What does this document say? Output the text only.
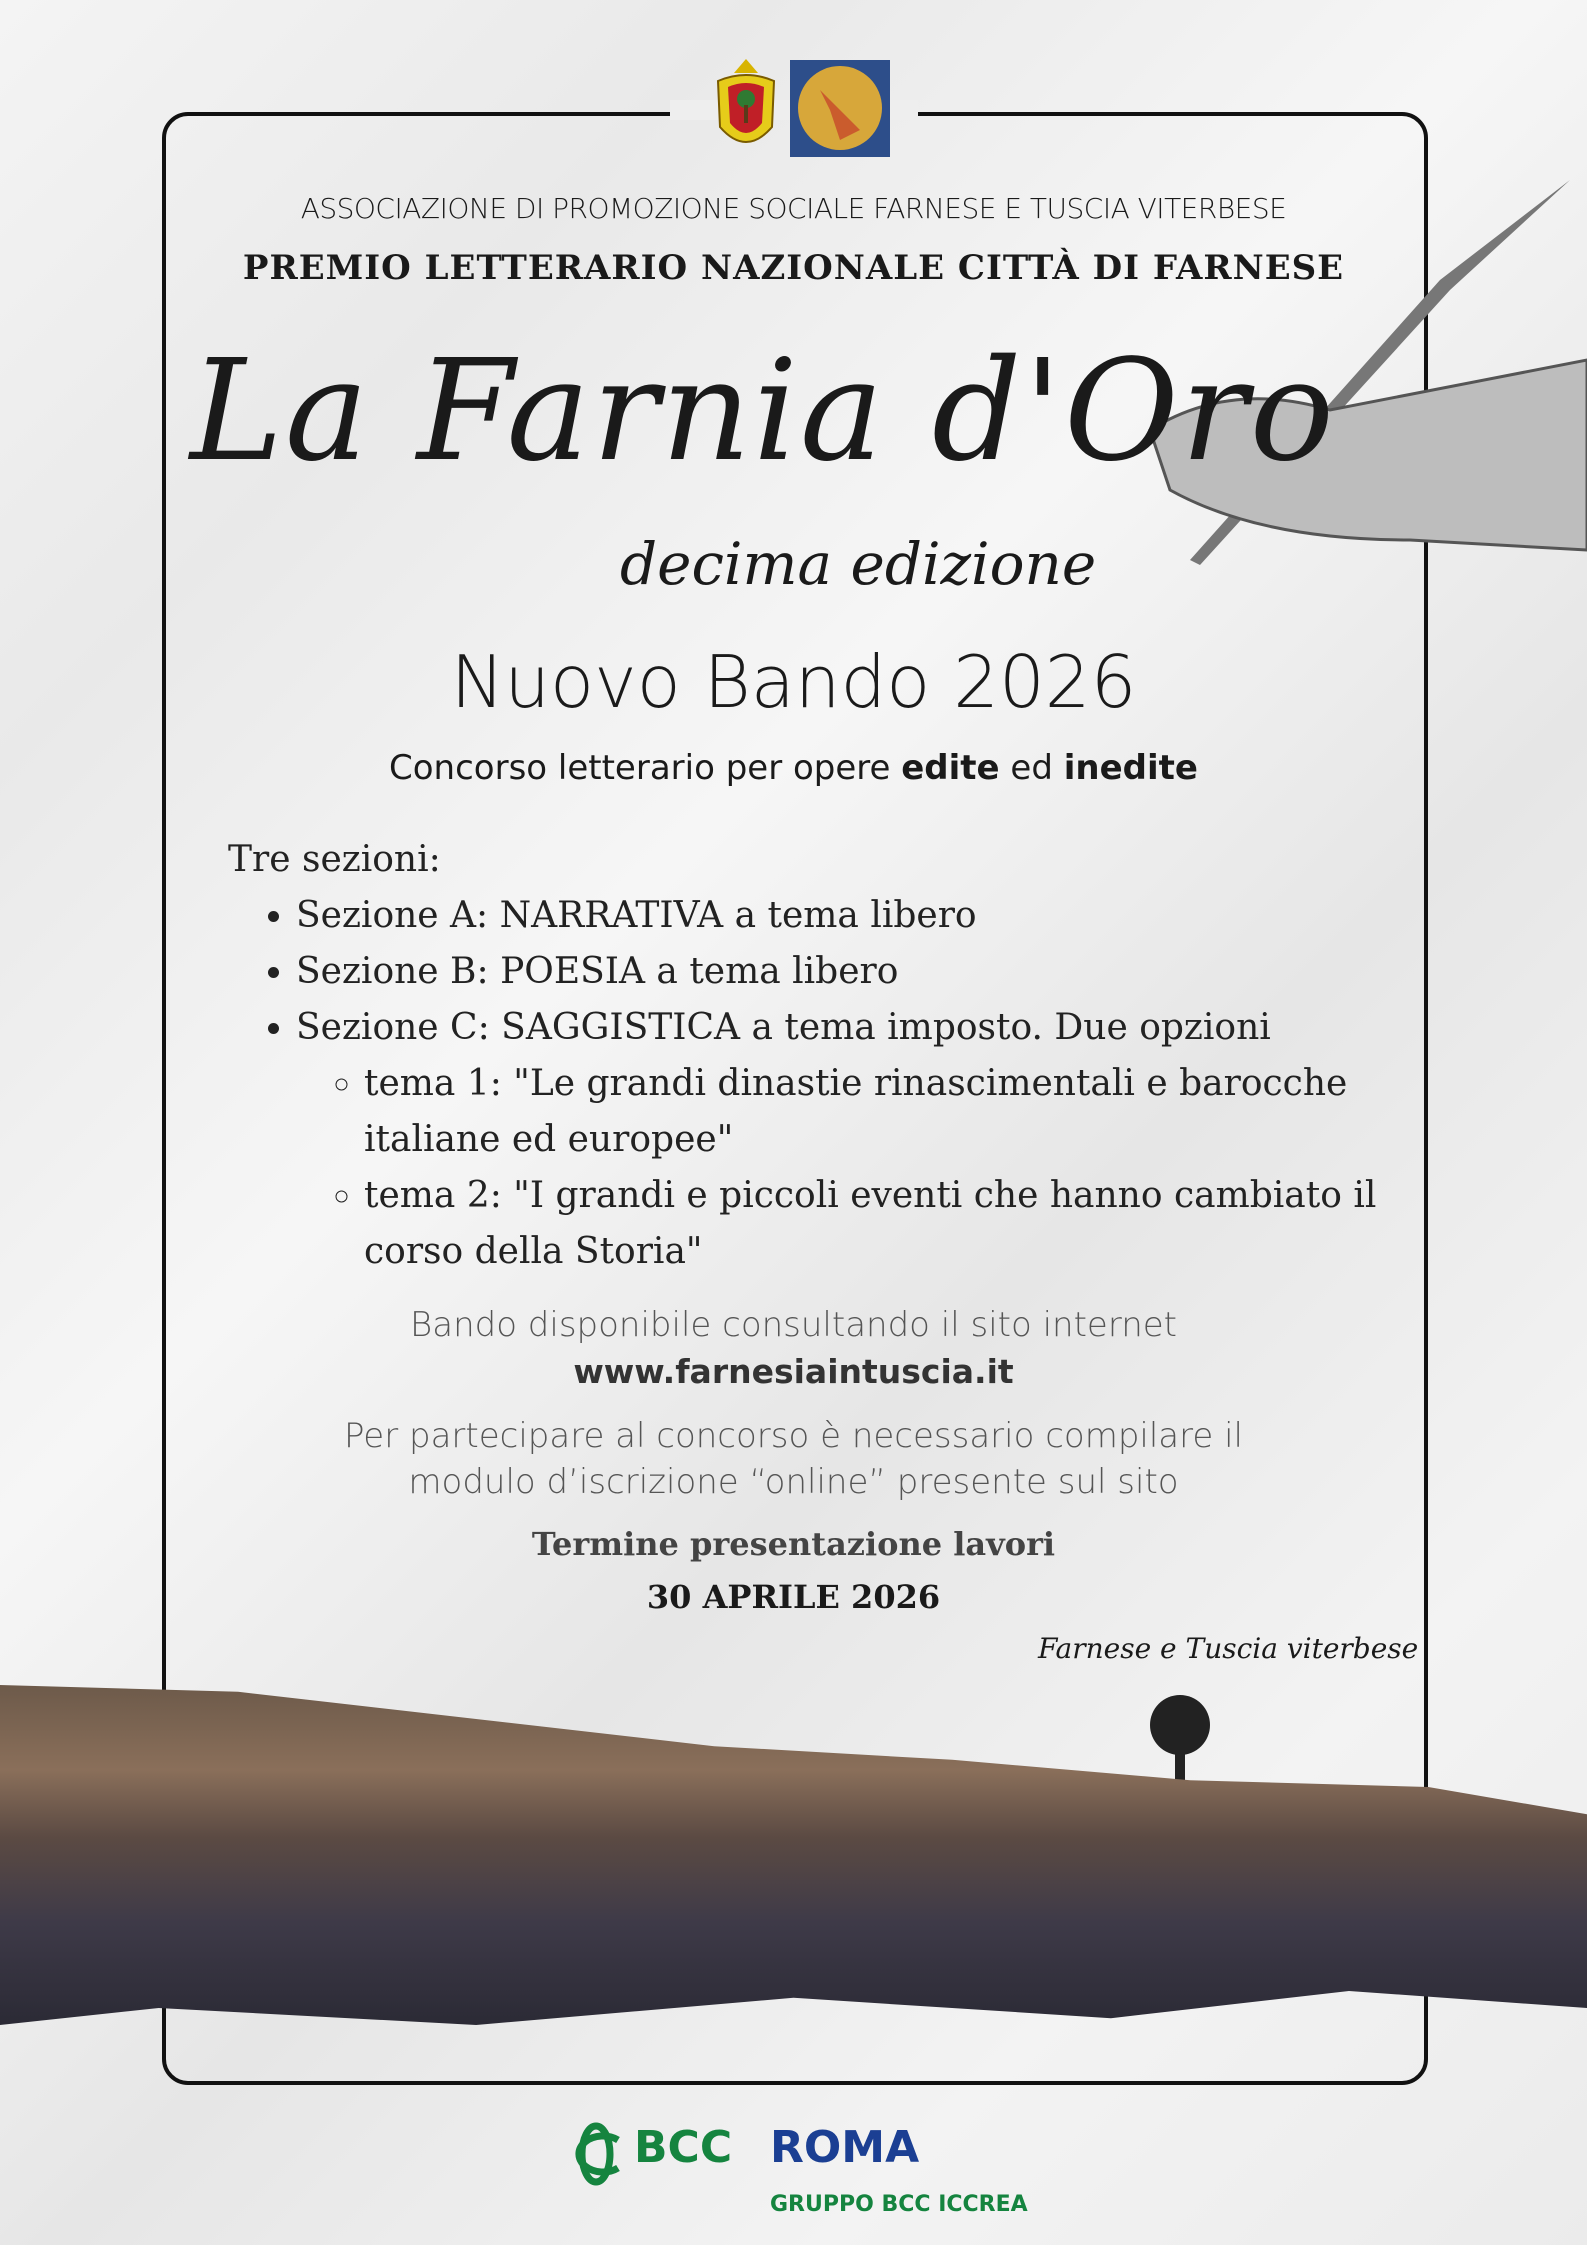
ASSOCIAZIONE DI PROMOZIONE SOCIALE FARNESE E TUSCIA VITERBESE
PREMIO LETTERARIO NAZIONALE CITTÀ DI FARNESE
La Farnia d'Oro
decima edizione
Nuovo Bando 2026
Concorso letterario per opere edite ed inedite
Tre sezioni:
• Sezione A: NARRATIVA a tema libero
• Sezione B: POESIA a tema libero
• Sezione C: SAGGISTICA a tema imposto. Due opzioni
◦ tema 1: "Le grandi dinastie rinascimentali e barocche italiane ed europee"
◦ tema 2: "I grandi e piccoli eventi che hanno cambiato il corso della Storia"
Bando disponibile consultando il sito internet
www.farnesiaintuscia.it
Per partecipare al concorso è necessario compilare il
modulo d’iscrizione “online” presente sul sito
Termine presentazione lavori
30 APRILE 2026
Farnese e Tuscia viterbese
BCC ROMA
GRUPPO BCC ICCREA
